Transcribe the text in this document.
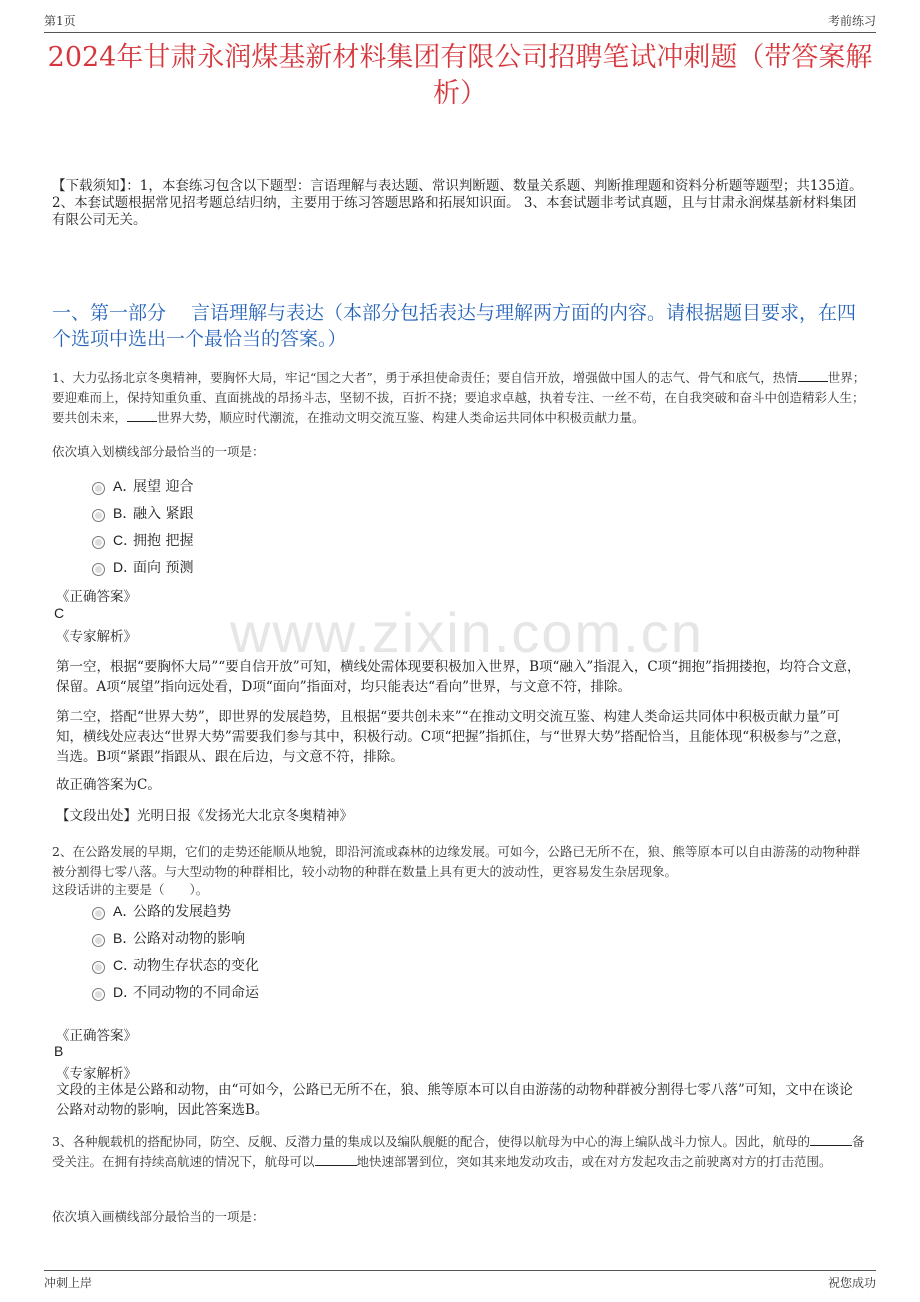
第1页	考前练习
2024年甘肃永润煤基新材料集团有限公司招聘笔试冲刺题（带答案解析）
【下载须知】：1，本套练习包含以下题型：言语理解与表达题、常识判断题、数量关系题、判断推理题和资料分析题等题型；共135道。 2、本套试题根据常见招考题总结归纳，主要用于练习答题思路和拓展知识面。 3、本套试题非考试真题，且与甘肃永润煤基新材料集团有限公司无关。
一、第一部分　 言语理解与表达（本部分包括表达与理解两方面的内容。请根据题目要求，在四个选项中选出一个最恰当的答案。）
www.zixin.com.cn
1、大力弘扬北京冬奥精神，要胸怀大局，牢记“国之大者”，勇于承担使命责任；要自信开放，增强做中国人的志气、骨气和底气，热情 世界；要迎难而上，保持知重负重、直面挑战的昂扬斗志，坚韧不拔，百折不挠；要追求卓越，执着专注、一丝不苟，在自我突破和奋斗中创造精彩人生；要共创未来， 世界大势，顺应时代潮流，在推动文明交流互鉴、构建人类命运共同体中积极贡献力量。
依次填入划横线部分最恰当的一项是：
A．
展望 迎合
B．
融入 紧跟
C．
拥抱 把握
D．
面向 预测
《正确答案》
C
《专家解析》
第一空，根据“要胸怀大局”“要自信开放”可知，横线处需体现要积极加入世界，B项“融入”指混入，C项“拥抱”指拥搂抱，均符合文意，保留。A项“展望”指向远处看，D项“面向”指面对，均只能表达“看向”世界，与文意不符，排除。
第二空，搭配“世界大势”，即世界的发展趋势，且根据“要共创未来”“在推动文明交流互鉴、构建人类命运共同体中积极贡献力量”可知，横线处应表达“世界大势”需要我们参与其中，积极行动。C项“把握”指抓住，与“世界大势”搭配恰当，且能体现“积极参与”之意，当选。B项“紧跟”指跟从、跟在后边，与文意不符，排除。
故正确答案为C。
【文段出处】光明日报《发扬光大北京冬奥精神》
2、在公路发展的早期，它们的走势还能顺从地貌，即沿河流或森林的边缘发展。可如今，公路已无所不在，狼、熊等原本可以自由游荡的动物种群被分割得七零八落。与大型动物的种群相比，较小动物的种群在数量上具有更大的波动性，更容易发生杂居现象。
这段话讲的主要是（　　）。
A．
公路的发展趋势
B．
公路对动物的影响
C．
动物生存状态的变化
D．
不同动物的不同命运
《正确答案》
B
《专家解析》
文段的主体是公路和动物，由“可如今，公路已无所不在，狼、熊等原本可以自由游荡的动物种群被分割得七零八落”可知，文中在谈论公路对动物的影响，因此答案选B。
3、各种舰载机的搭配协同，防空、反舰、反潜力量的集成以及编队舰艇的配合，使得以航母为中心的海上编队战斗力惊人。因此，航母的	备受关注。在拥有持续高航速的情况下，航母可以	地快速部署到位，突如其来地发动攻击，或在对方发起攻击之前驶离对方的打击范围。
依次填入画横线部分最恰当的一项是：
冲刺上岸	祝您成功
